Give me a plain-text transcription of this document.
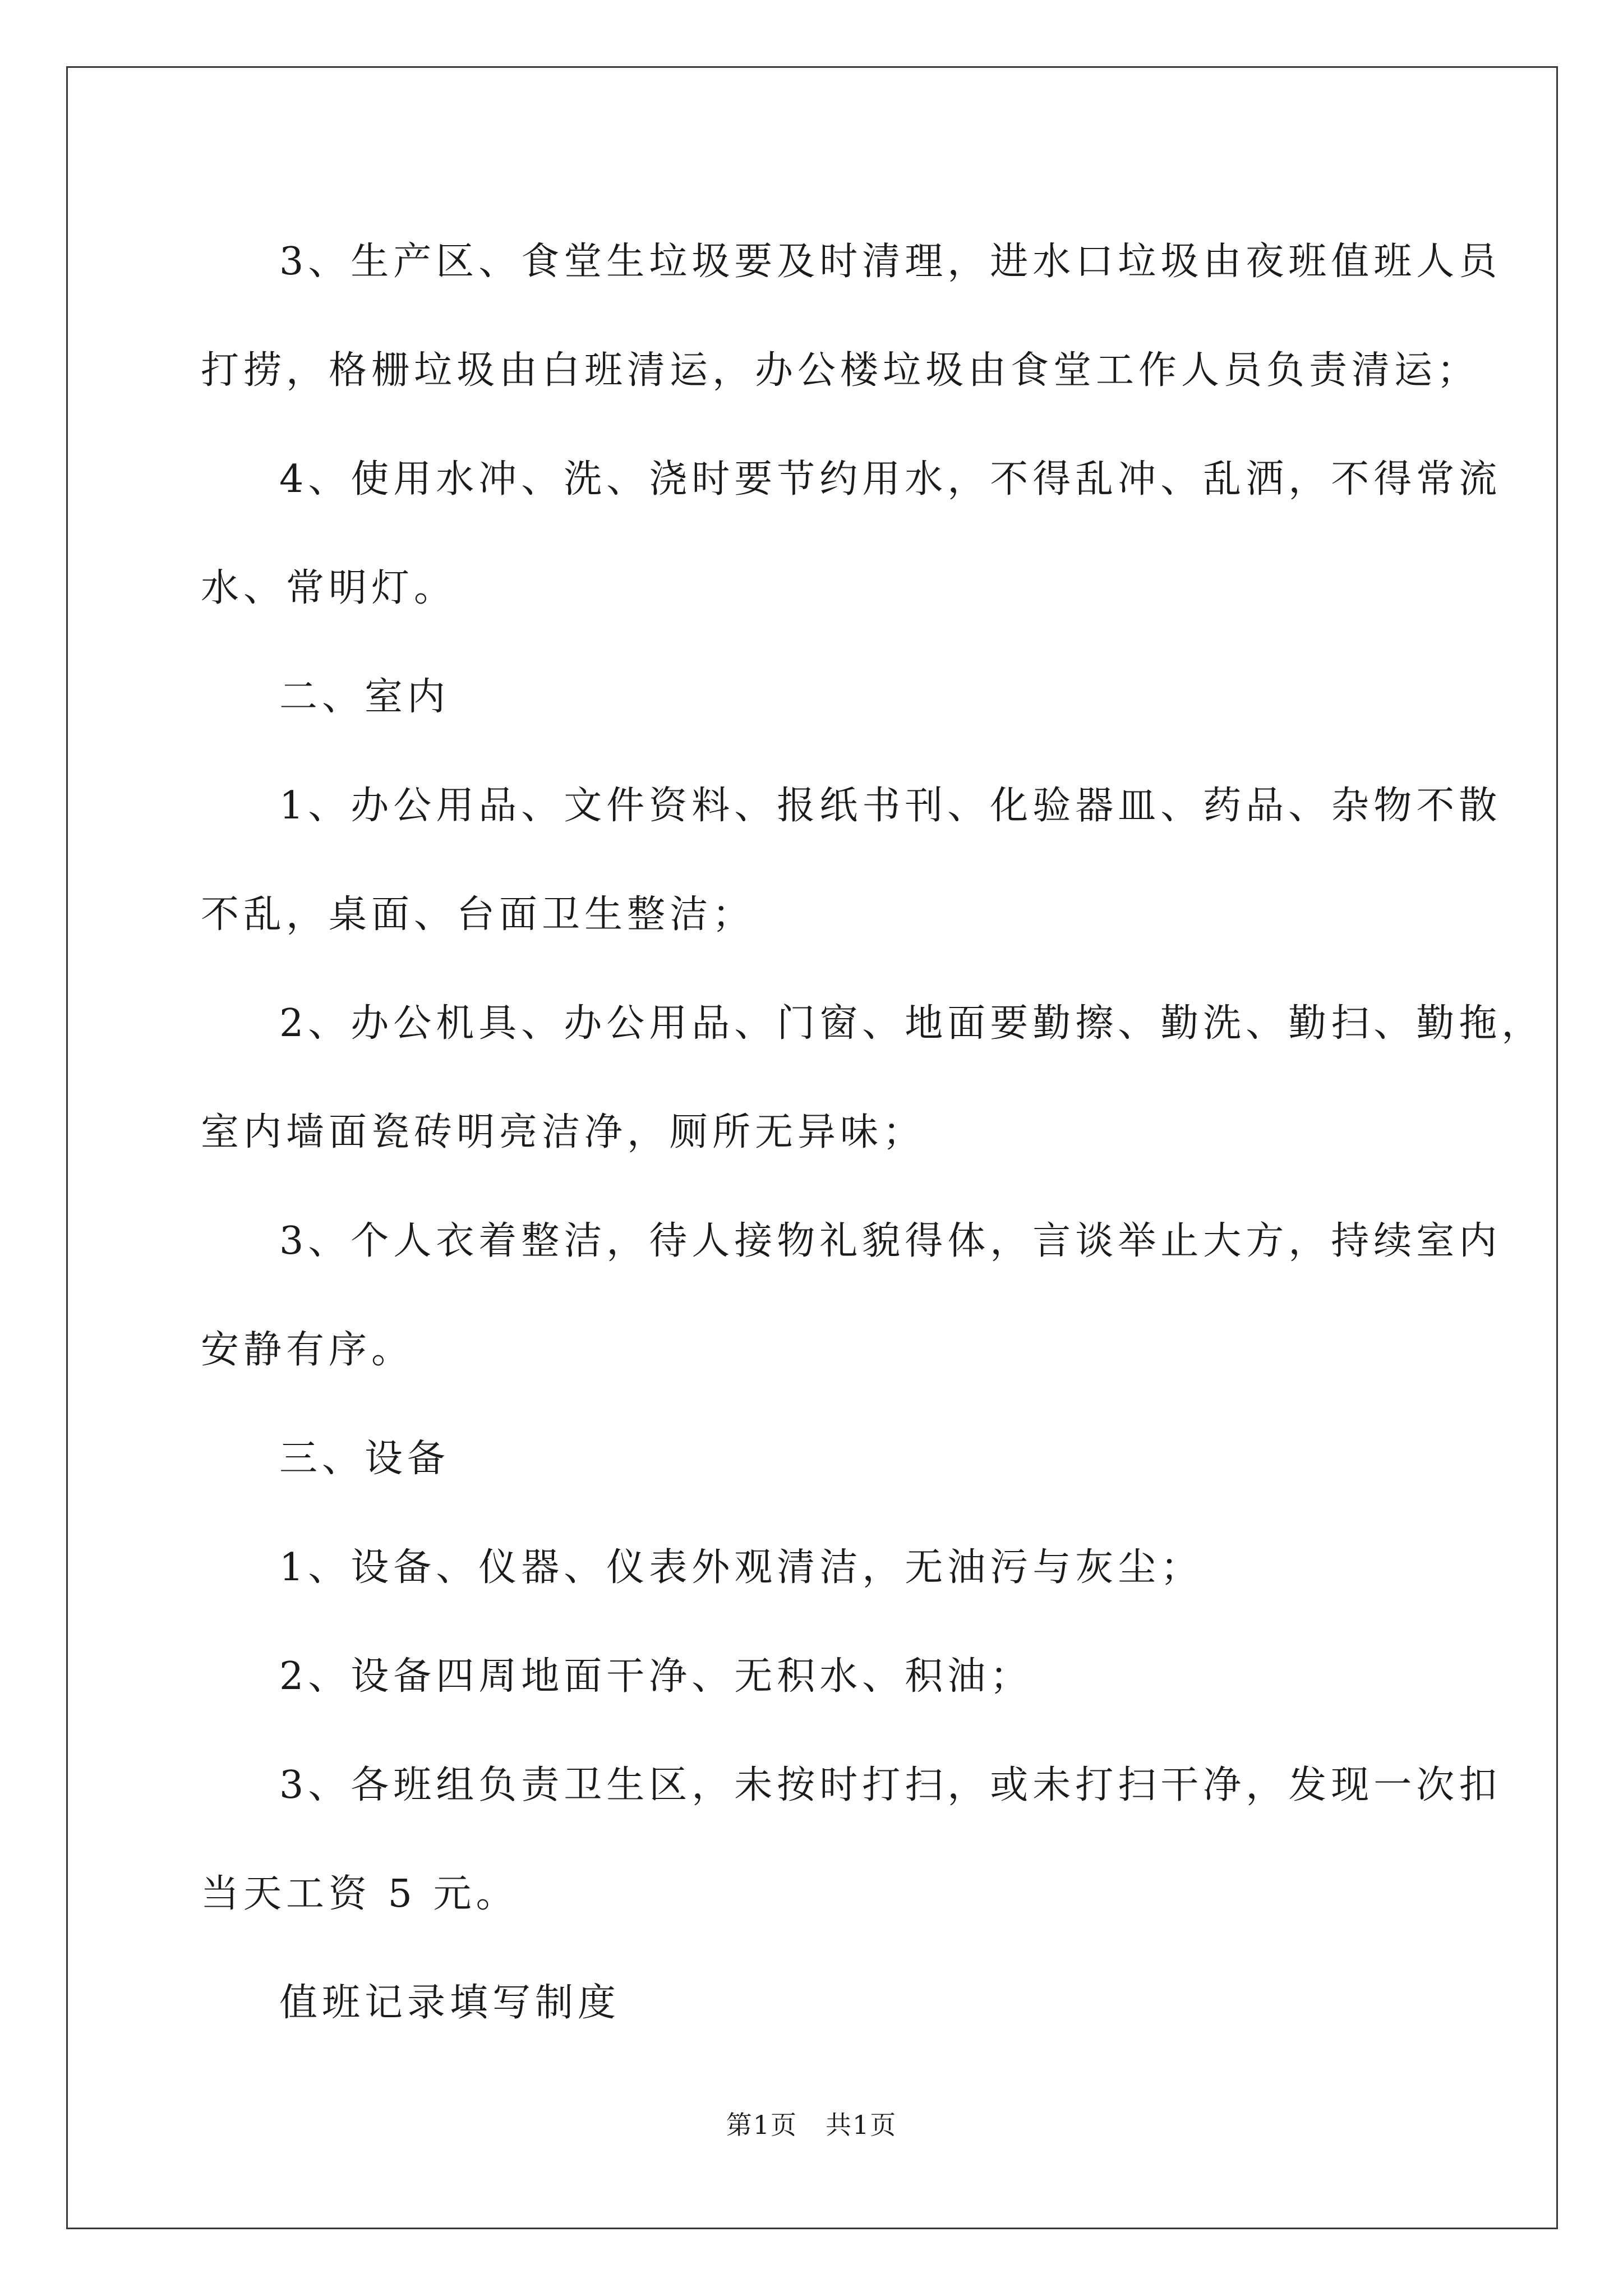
3、生产区、食堂生垃圾要及时清理，进水口垃圾由夜班值班人员

打捞，格栅垃圾由白班清运，办公楼垃圾由食堂工作人员负责清运；

4、使用水冲、洗、浇时要节约用水，不得乱冲、乱洒，不得常流

水、常明灯。

二、室内

1、办公用品、文件资料、报纸书刊、化验器皿、药品、杂物不散

不乱，桌面、台面卫生整洁；

2、办公机具、办公用品、门窗、地面要勤擦、勤洗、勤扫、勤拖，

室内墙面瓷砖明亮洁净，厕所无异味；

3、个人衣着整洁，待人接物礼貌得体，言谈举止大方，持续室内

安静有序。

三、设备

1、设备、仪器、仪表外观清洁，无油污与灰尘；

2、设备四周地面干净、无积水、积油；

3、各班组负责卫生区，未按时打扫，或未打扫干净，发现一次扣

当天工资 5 元。

值班记录填写制度

第1页 共1页
